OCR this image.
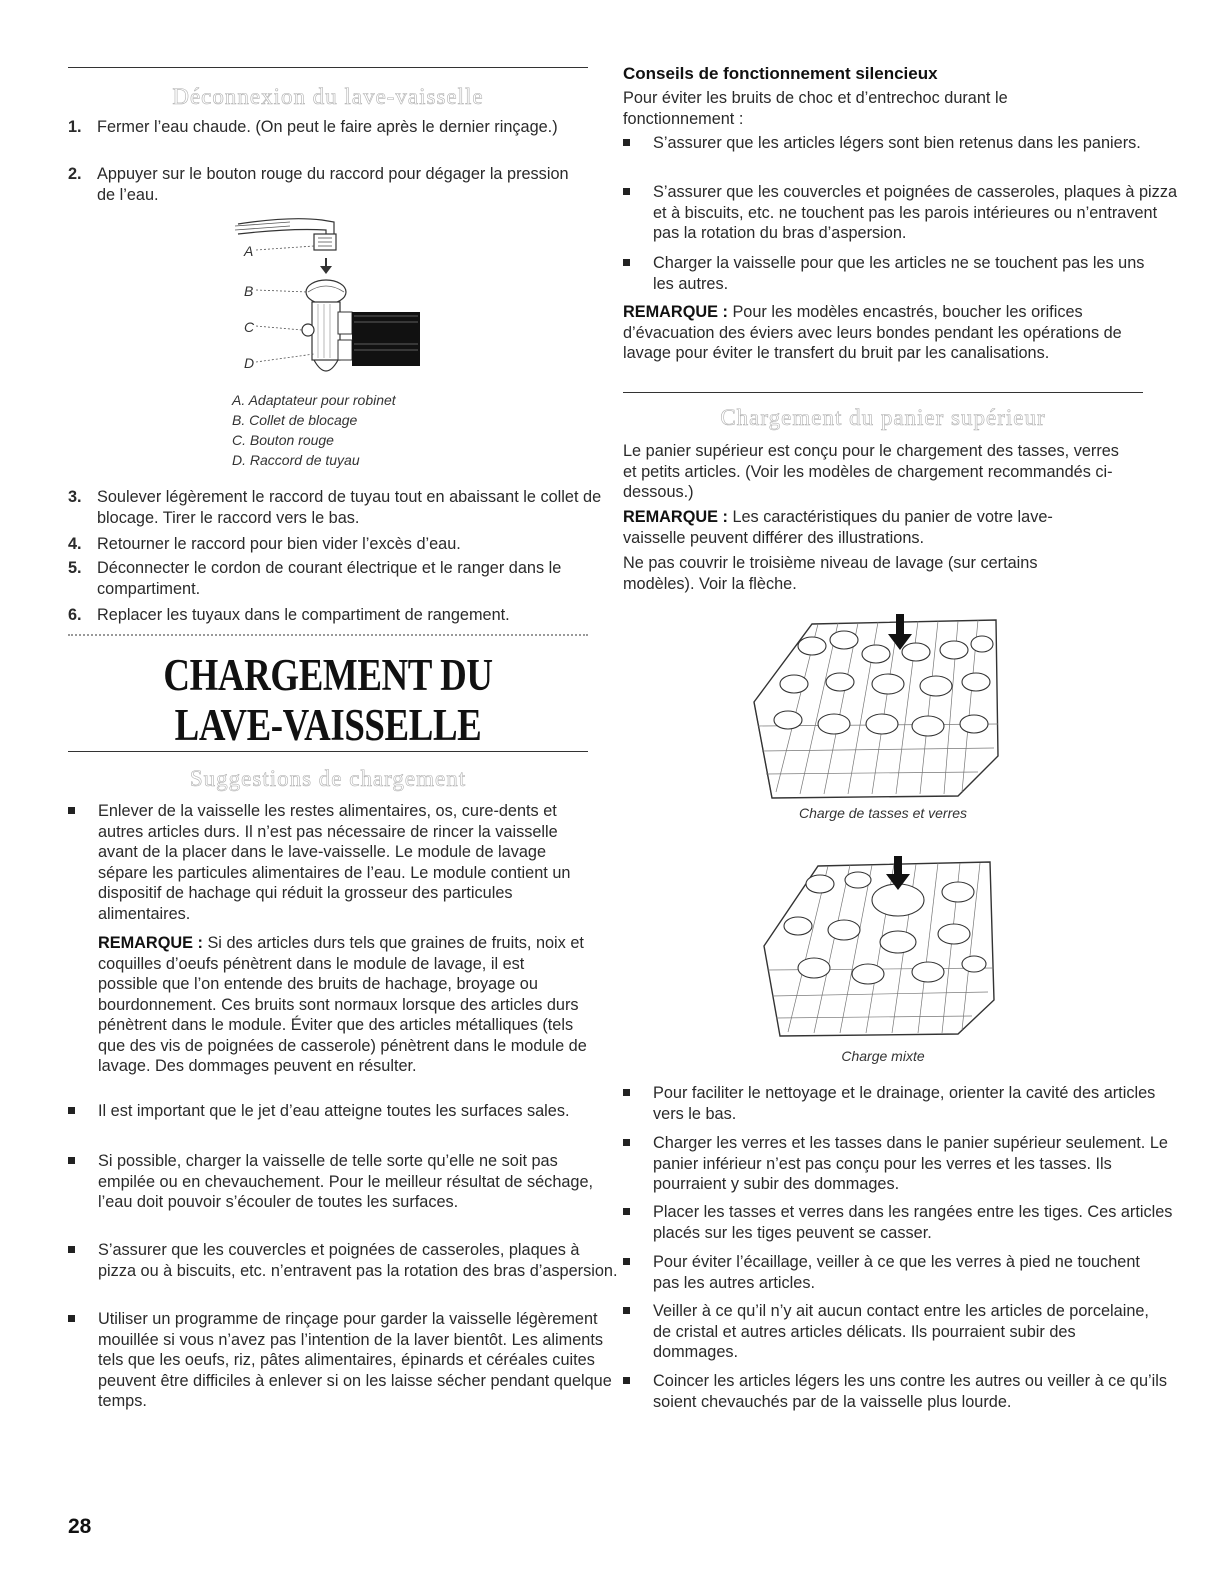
Déconnexion du lave-vaisselle
1. Fermer l’eau chaude. (On peut le faire après le dernier rinçage.)
2. Appuyer sur le bouton rouge du raccord pour dégager la pression de l’eau.
A
B
C
D
A. Adaptateur pour robinet
B. Collet de blocage
C. Bouton rouge
D. Raccord de tuyau
3. Soulever légèrement le raccord de tuyau tout en abaissant le collet de blocage. Tirer le raccord vers le bas.
4. Retourner le raccord pour bien vider l’excès d’eau.
5. Déconnecter le cordon de courant électrique et le ranger dans le compartiment.
6. Replacer les tuyaux dans le compartiment de rangement.
CHARGEMENT DU
LAVE-VAISSELLE
Suggestions de chargement
Enlever de la vaisselle les restes alimentaires, os, cure-dents et autres articles durs. Il n’est pas nécessaire de rincer la vaisselle avant de la placer dans le lave-vaisselle. Le module de lavage sépare les particules alimentaires de l’eau. Le module contient un dispositif de hachage qui réduit la grosseur des particules alimentaires.
REMARQUE : Si des articles durs tels que graines de fruits, noix et coquilles d’oeufs pénètrent dans le module de lavage, il est possible que l’on entende des bruits de hachage, broyage ou bourdonnement. Ces bruits sont normaux lorsque des articles durs pénètrent dans le module. Éviter que des articles métalliques (tels que des vis de poignées de casserole) pénètrent dans le module de lavage. Des dommages peuvent en résulter.
Il est important que le jet d’eau atteigne toutes les surfaces sales.
Si possible, charger la vaisselle de telle sorte qu’elle ne soit pas empilée ou en chevauchement. Pour le meilleur résultat de séchage, l’eau doit pouvoir s’écouler de toutes les surfaces.
S’assurer que les couvercles et poignées de casseroles, plaques à pizza ou à biscuits, etc. n’entravent pas la rotation des bras d’aspersion.
Utiliser un programme de rinçage pour garder la vaisselle légèrement mouillée si vous n’avez pas l’intention de la laver bientôt. Les aliments tels que les oeufs, riz, pâtes alimentaires, épinards et céréales cuites peuvent être difficiles à enlever si on les laisse sécher pendant quelque temps.
Conseils de fonctionnement silencieux
Pour éviter les bruits de choc et d’entrechoc durant le fonctionnement :
S’assurer que les articles légers sont bien retenus dans les paniers.
S’assurer que les couvercles et poignées de casseroles, plaques à pizza et à biscuits, etc. ne touchent pas les parois intérieures ou n’entravent pas la rotation du bras d’aspersion.
Charger la vaisselle pour que les articles ne se touchent pas les uns les autres.
REMARQUE : Pour les modèles encastrés, boucher les orifices d’évacuation des éviers avec leurs bondes pendant les opérations de lavage pour éviter le transfert du bruit par les canalisations.
Chargement du panier supérieur
Le panier supérieur est conçu pour le chargement des tasses, verres et petits articles. (Voir les modèles de chargement recommandés ci-dessous.)
REMARQUE : Les caractéristiques du panier de votre lave-vaisselle peuvent différer des illustrations.
Ne pas couvrir le troisième niveau de lavage (sur certains modèles). Voir la flèche.
Charge de tasses et verres
Charge mixte
Pour faciliter le nettoyage et le drainage, orienter la cavité des articles vers le bas.
Charger les verres et les tasses dans le panier supérieur seulement. Le panier inférieur n’est pas conçu pour les verres et les tasses. Ils pourraient y subir des dommages.
Placer les tasses et verres dans les rangées entre les tiges. Ces articles placés sur les tiges peuvent se casser.
Pour éviter l’écaillage, veiller à ce que les verres à pied ne touchent pas les autres articles.
Veiller à ce qu’il n’y ait aucun contact entre les articles de porcelaine, de cristal et autres articles délicats. Ils pourraient subir des dommages.
Coincer les articles légers les uns contre les autres ou veiller à ce qu’ils soient chevauchés par de la vaisselle plus lourde.
28
